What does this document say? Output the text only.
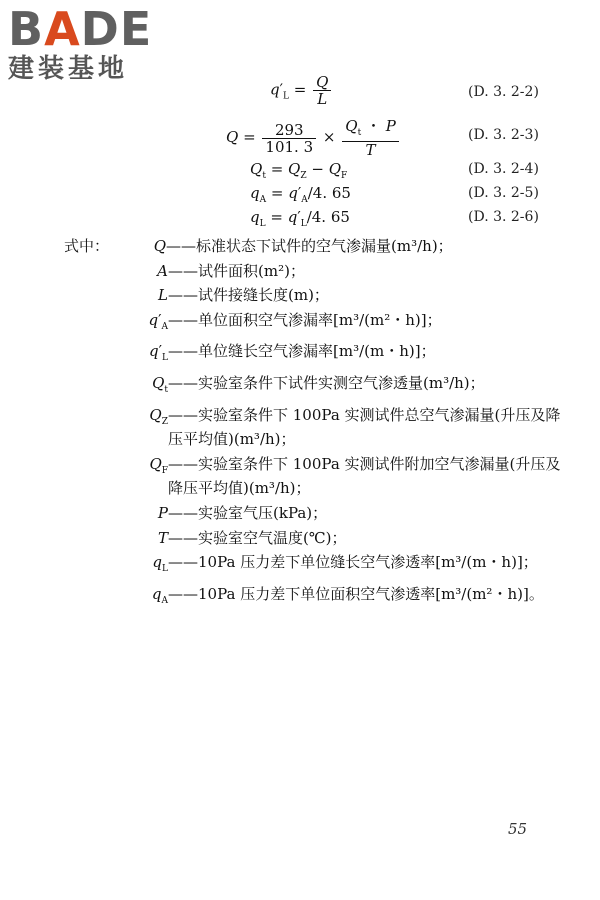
BADE
建装基地
$q'_L = \frac{Q}{L}$	(D. 3. 2-2)
$Q = \frac{293}{101. 3} \times \frac{Q_t ・ P}{T}$	(D. 3. 2-3)
$Q_t = Q_Z - Q_F$	(D. 3. 2-4)
$q_A = q'_A/4$. 65	(D. 3. 2-5)
$q_L = q'_L/4$. 65	(D. 3. 2-6)
式中：	Q ——标准状态下试件的空气渗漏量(m³/h)；
A ——试件面积(m²)；
L ——试件接缝长度(m)；
$q'_A$ ——单位面积空气渗漏率[m³/(m²・h)]；
$q'_L$ ——单位缝长空气渗漏率[m³/(m・h)]；
$Q_t$ ——实验室条件下试件实测空气渗透量(m³/h)；
$Q_Z$ ——实验室条件下 100Pa 实测试件总空气渗漏量(升压及降压平均值)(m³/h)；
$Q_F$ ——实验室条件下 100Pa 实测试件附加空气渗漏量(升压及降压平均值)(m³/h)；
P ——实验室气压(kPa)；
T ——实验室空气温度(℃)；
$q_L$ ——10Pa 压力差下单位缝长空气渗透率[m³/(m・h)]；
$q_A$ ——10Pa 压力差下单位面积空气渗透率[m³/(m²・h)]。
55
